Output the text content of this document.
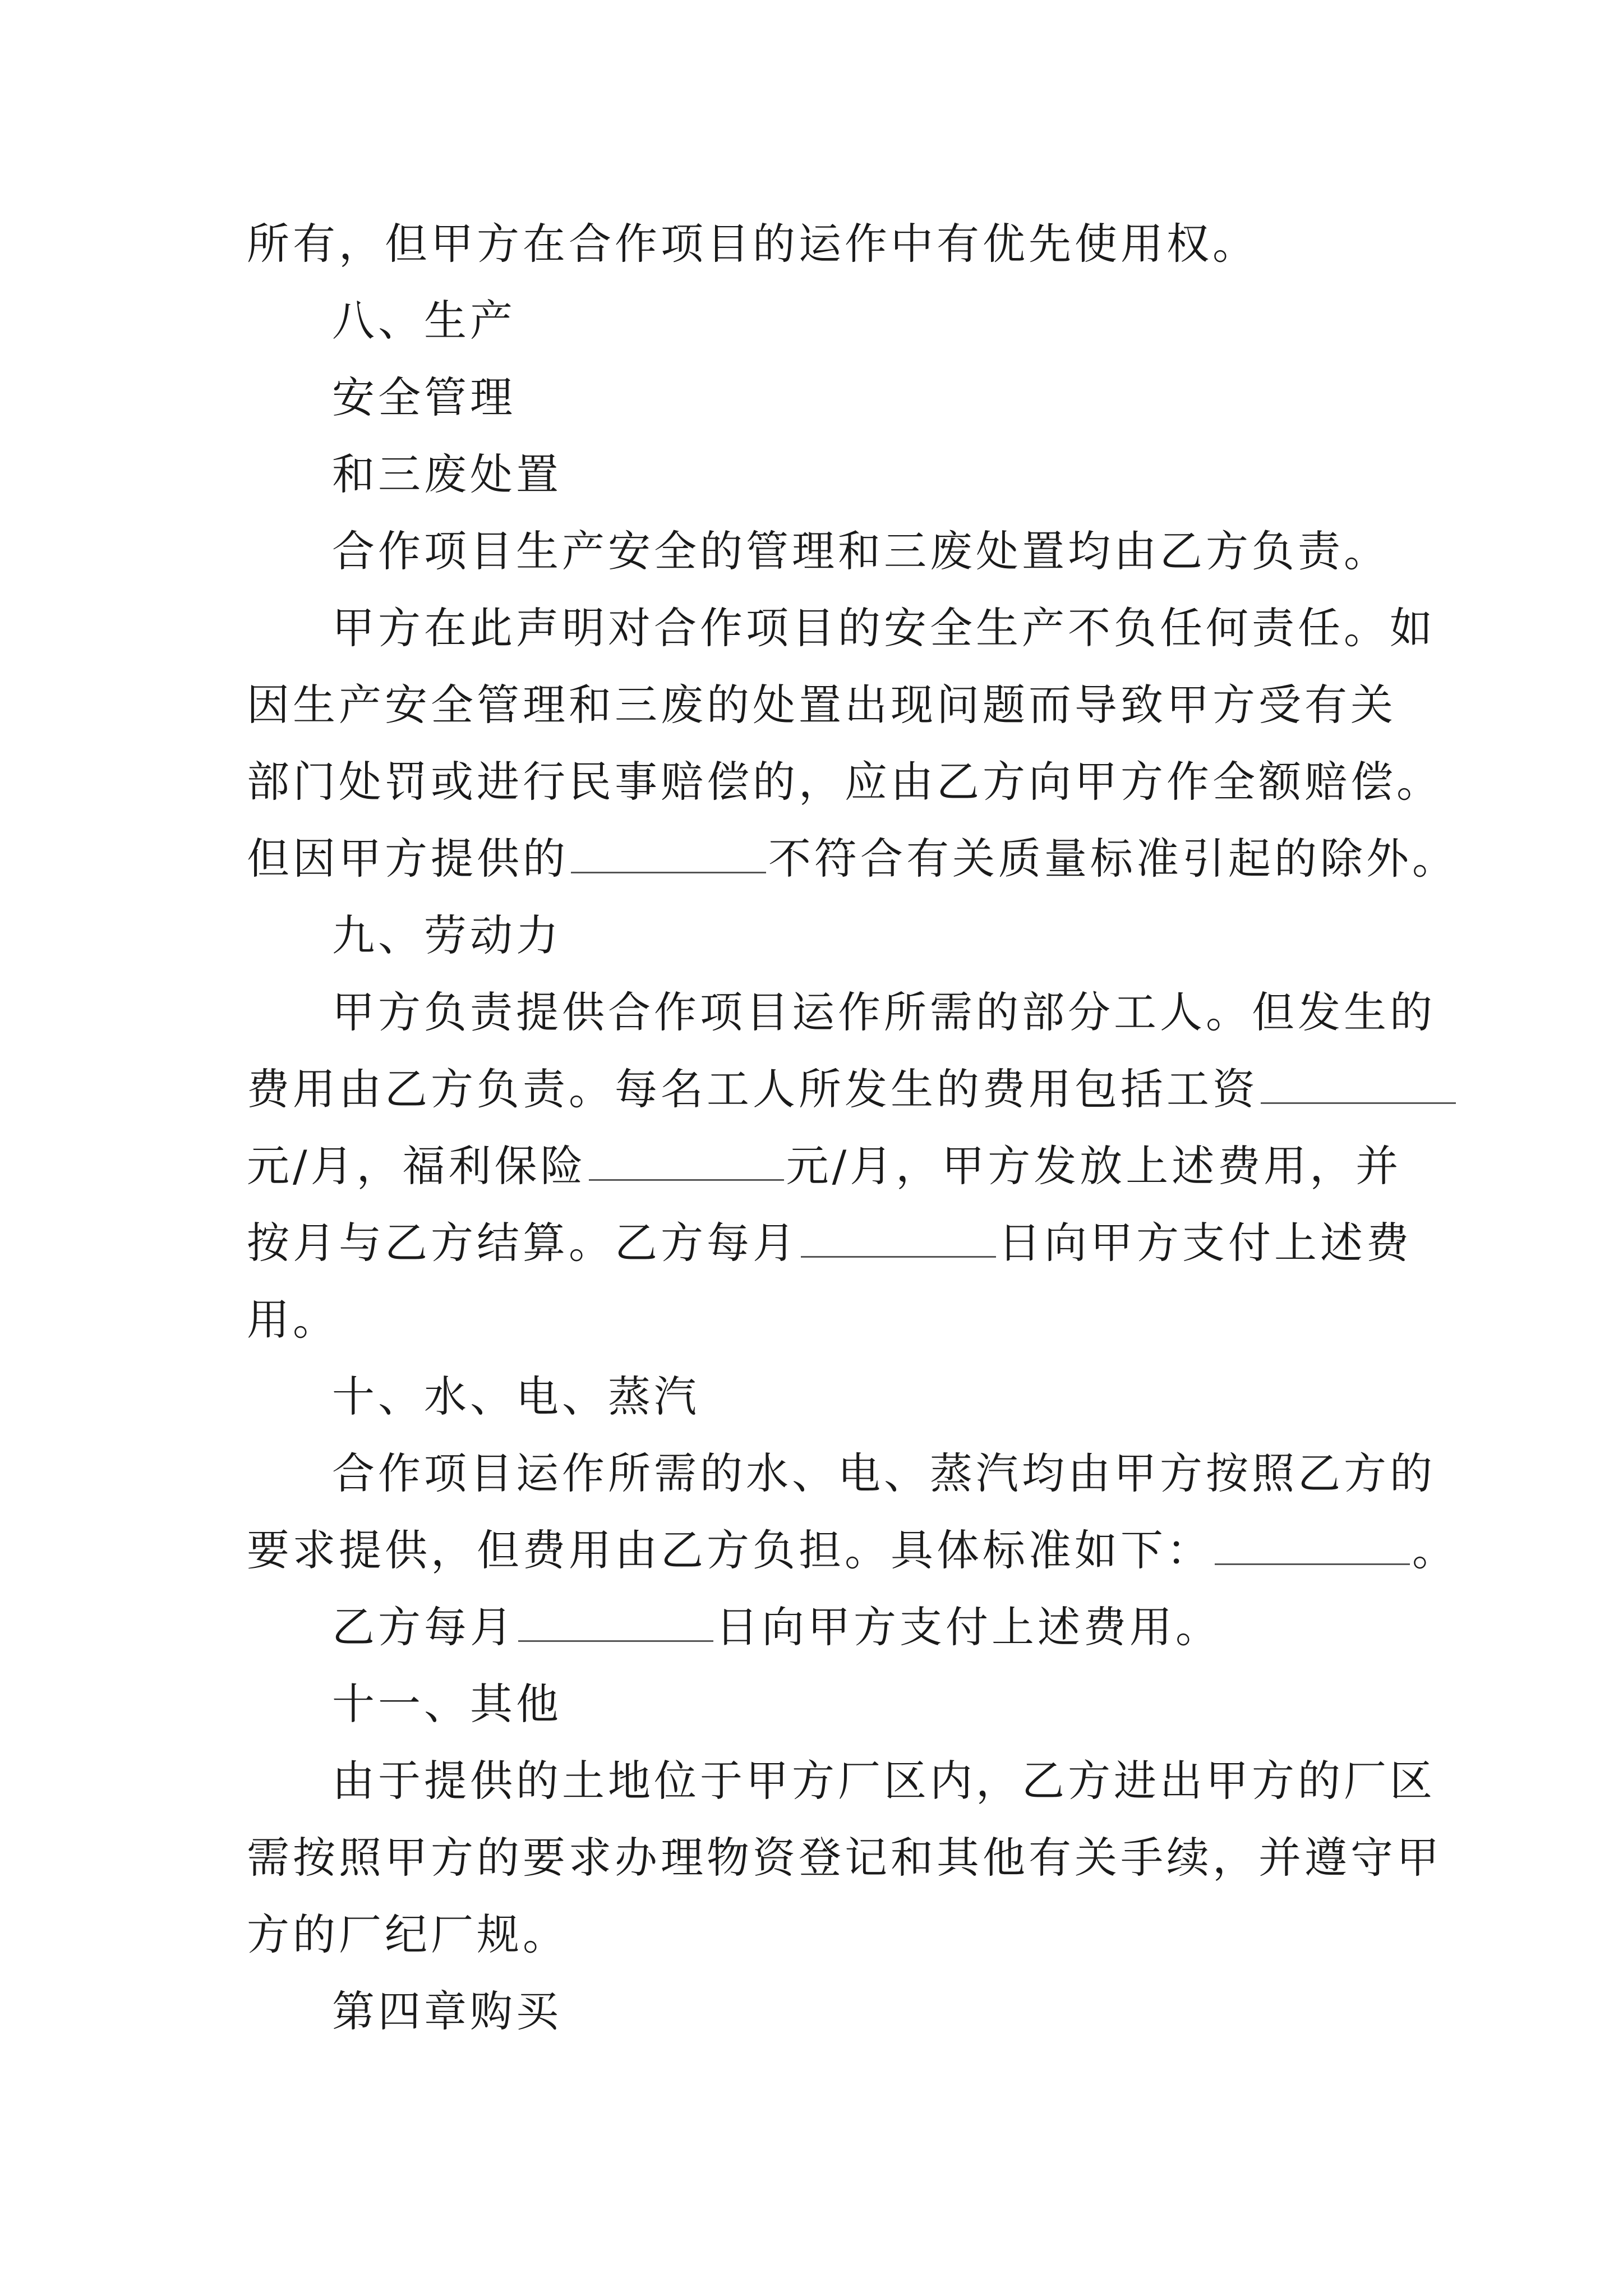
所有，但甲方在合作项目的运作中有优先使用权。
八、生产
安全管理
和三废处置
合作项目生产安全的管理和三废处置均由乙方负责。
甲方在此声明对合作项目的安全生产不负任何责任。如
因生产安全管理和三废的处置出现问题而导致甲方受有关
部门处罚或进行民事赔偿的，应由乙方向甲方作全额赔偿。
但因甲方提供的	不符合有关质量标准引起的除外。
九、劳动力
甲方负责提供合作项目运作所需的部分工人。但发生的
费用由乙方负责。每名工人所发生的费用包括工资
元/月，福利保险	元/月，甲方发放上述费用，并
按月与乙方结算。乙方每月	日向甲方支付上述费
用。
十、水、电、蒸汽
合作项目运作所需的水、电、蒸汽均由甲方按照乙方的
要求提供，但费用由乙方负担。具体标准如下：	。
乙方每月	日向甲方支付上述费用。
十一、其他
由于提供的土地位于甲方厂区内，乙方进出甲方的厂区
需按照甲方的要求办理物资登记和其他有关手续，并遵守甲
方的厂纪厂规。
第四章购买
